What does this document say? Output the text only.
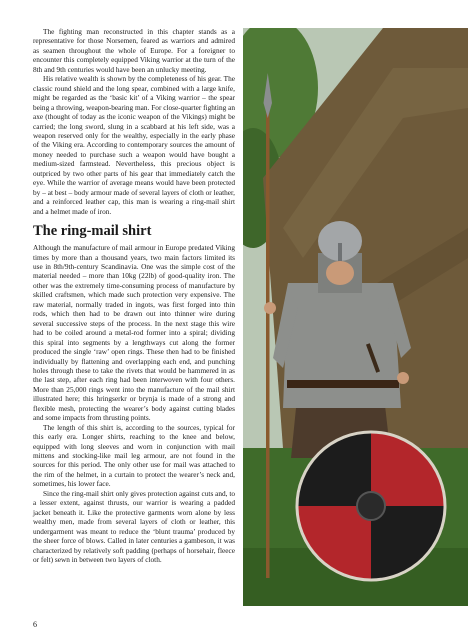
The fighting man reconstructed in this chapter stands as a representative for those Norsemen, feared as warriors and admired as seamen throughout the whole of Europe. For a foreigner to encounter this completely equipped Viking warrior at the turn of the 8th and 9th centuries would have been an unlucky meeting.

His relative wealth is shown by the completeness of his gear. The classic round shield and the long spear, combined with a large knife, might be regarded as the ‘basic kit’ of a Viking warrior – the spear being a throwing, weapon-bearing man. For close-quarter fighting an axe (thought of today as the iconic weapon of the Vikings) might be carried; the long sword, slung in a scabbard at his left side, was a weapon reserved only for the wealthy, especially in the early phase of the Viking era. According to contemporary sources the amount of money needed to purchase such a weapon would have bought a medium-sized farmstead. Nevertheless, this precious object is outpriced by two other parts of his gear that immediately catch the eye. While the warrior of average means would have been protected by – at best – body armour made of several layers of cloth or leather, and a reinforced leather cap, this man is wearing a ring-mail shirt and a helmet made of iron.

The ring-mail shirt

Although the manufacture of mail armour in Europe predated Viking times by more than a thousand years, two main factors limited its use in 8th/9th-century Scandinavia. One was the simple cost of the material needed – more than 10kg (22lb) of good-quality iron. The other was the extremely time-consuming process of manufacture by skilled craftsmen, which made such protection very expensive. The raw material, normally traded in ingots, was first forged into thin rods, which then had to be drawn out into thinner wire during several successive steps of the process. In the next stage this wire had to be coiled around a metal-rod former into a spiral; dividing this spiral into segments by a lengthways cut along the former produced the single ‘raw’ open rings. These then had to be finished individually by flattening and overlapping each end, and punching holes through these to take the rivets that would be hammered in as the last step, after each ring had been interwoven with four others. More than 25,000 rings went into the manufacture of the mail shirt illustrated here; this hringserkr or brynja is made of a strong and flexible mesh, protecting the wearer’s body against cutting blades and some impacts from thrusting points.

The length of this shirt is, according to the sources, typical for this early era. Longer shirts, reaching to the knee and below, equipped with long sleeves and worn in conjunction with mail mittens and stocking-like mail leg armour, are not found in the sources for this period. The only other use for mail was attached to the rim of the helmet, in a curtain to protect the wearer’s neck and, sometimes, his lower face.

Since the ring-mail shirt only gives protection against cuts and, to a lesser extent, against thrusts, our warrior is wearing a padded jacket beneath it. Like the protective garments worn alone by less wealthy men, made from several layers of cloth or leather, this undergarment was meant to reduce the ‘blunt trauma’ produced by the sheer force of blows. Called in later centuries a gambeson, it was characterized by relatively soft padding (perhaps of horsehair, fleece or felt) sewn in between two layers of cloth.

6
